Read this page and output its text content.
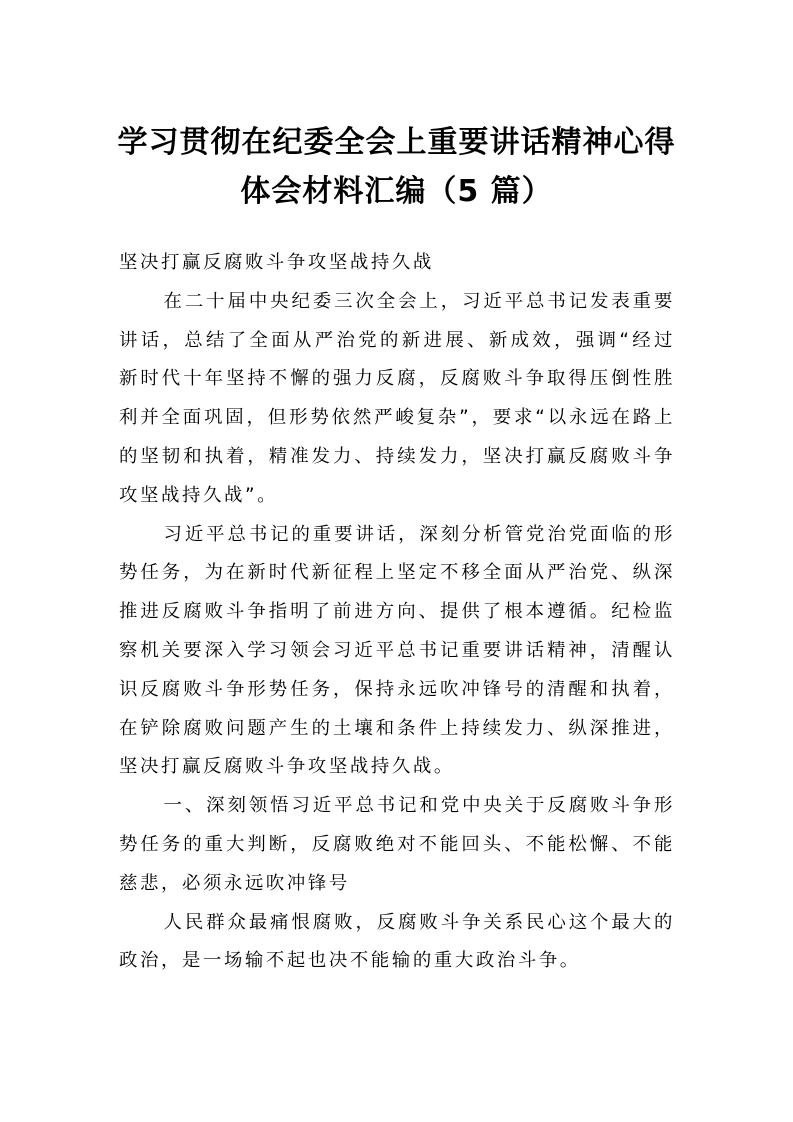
学习贯彻在纪委全会上重要讲话精神心得
体会材料汇编（5 篇）

坚决打赢反腐败斗争攻坚战持久战

在二十届中央纪委三次全会上，习近平总书记发表重要讲话，总结了全面从严治党的新进展、新成效，强调“经过新时代十年坚持不懈的强力反腐，反腐败斗争取得压倒性胜利并全面巩固，但形势依然严峻复杂”，要求“以永远在路上的坚韧和执着，精准发力、持续发力，坚决打赢反腐败斗争攻坚战持久战”。

习近平总书记的重要讲话，深刻分析管党治党面临的形势任务，为在新时代新征程上坚定不移全面从严治党、纵深推进反腐败斗争指明了前进方向、提供了根本遵循。纪检监察机关要深入学习领会习近平总书记重要讲话精神，清醒认识反腐败斗争形势任务，保持永远吹冲锋号的清醒和执着，在铲除腐败问题产生的土壤和条件上持续发力、纵深推进，坚决打赢反腐败斗争攻坚战持久战。

一、深刻领悟习近平总书记和党中央关于反腐败斗争形势任务的重大判断，反腐败绝对不能回头、不能松懈、不能慈悲，必须永远吹冲锋号

人民群众最痛恨腐败，反腐败斗争关系民心这个最大的政治，是一场输不起也决不能输的重大政治斗争。
